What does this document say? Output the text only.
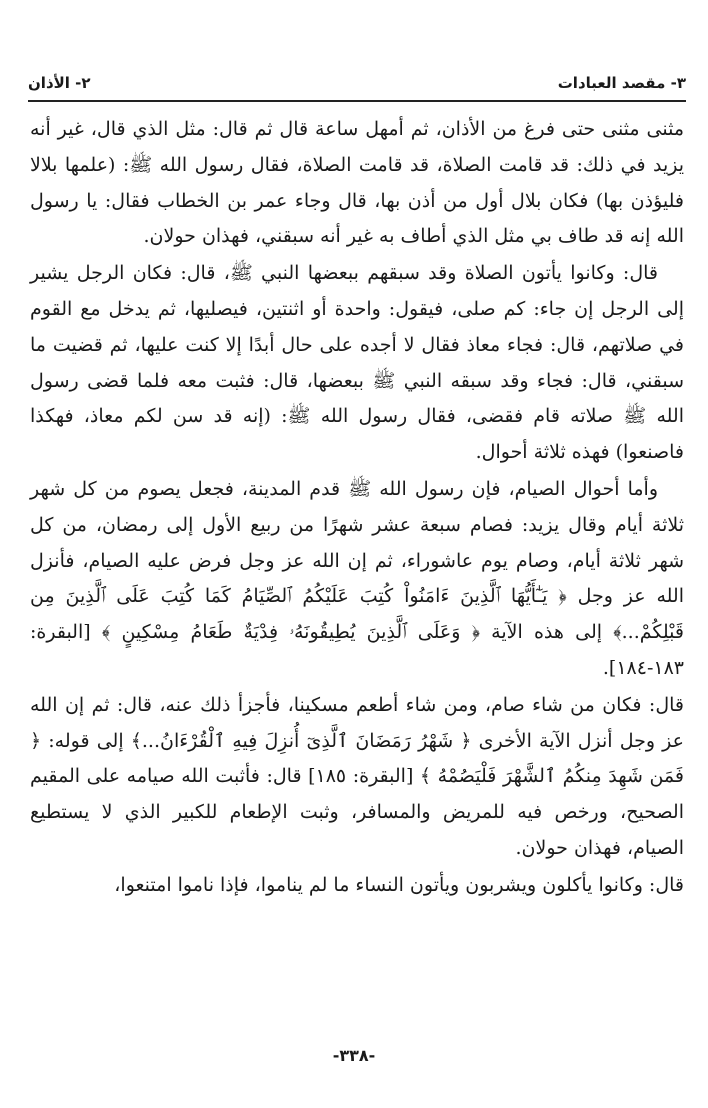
٣- مقصد العبادات
٢- الأذان

مثنى مثنى حتى فرغ من الأذان، ثم أمهل ساعة قال ثم قال: مثل الذي قال، غير أنه يزيد في ذلك: قد قامت الصلاة، قد قامت الصلاة، فقال رسول الله ﷺ: (علمها بلالا فليؤذن بها) فكان بلال أول من أذن بها، قال وجاء عمر بن الخطاب فقال: يا رسول الله إنه قد طاف بي مثل الذي أطاف به غير أنه سبقني، فهذان حولان.

قال: وكانوا يأتون الصلاة وقد سبقهم ببعضها النبي ﷺ، قال: فكان الرجل يشير إلى الرجل إن جاء: كم صلى، فيقول: واحدة أو اثنتين، فيصليها، ثم يدخل مع القوم في صلاتهم، قال: فجاء معاذ فقال لا أجده على حال أبدًا إلا كنت عليها، ثم قضيت ما سبقني، قال: فجاء وقد سبقه النبي ﷺ ببعضها، قال: فثبت معه فلما قضى رسول الله ﷺ صلاته قام فقضى، فقال رسول الله ﷺ: (إنه قد سن لكم معاذ، فهكذا فاصنعوا) فهذه ثلاثة أحوال.

وأما أحوال الصيام، فإن رسول الله ﷺ قدم المدينة، فجعل يصوم من كل شهر ثلاثة أيام وقال يزيد: فصام سبعة عشر شهرًا من ربيع الأول إلى رمضان، من كل شهر ثلاثة أيام، وصام يوم عاشوراء، ثم إن الله عز وجل فرض عليه الصيام، فأنزل الله عز وجل ﴿ يَـٰٓأَيُّهَا ٱلَّذِينَ ءَامَنُواْ كُتِبَ عَلَيْكُمُ ٱلصِّيَامُ كَمَا كُتِبَ عَلَى ٱلَّذِينَ مِن قَبْلِكُمْ...﴾ إلى هذه الآية ﴿ وَعَلَى ٱلَّذِينَ يُطِيقُونَهُۥ فِدْيَةٌ طَعَامُ مِسْكِينٍ ﴾ [البقرة: ١٨٣-١٨٤].

قال: فكان من شاء صام، ومن شاء أطعم مسكينا، فأجزأ ذلك عنه، قال: ثم إن الله عز وجل أنزل الآية الأخرى ﴿ شَهْرُ رَمَضَانَ ٱلَّذِىٓ أُنزِلَ فِيهِ ٱلْقُرْءَانُ...﴾ إلى قوله: ﴿ فَمَن شَهِدَ مِنكُمُ ٱلشَّهْرَ فَلْيَصُمْهُ ﴾ [البقرة: ١٨٥] قال: فأثبت الله صيامه على المقيم الصحيح، ورخص فيه للمريض والمسافر، وثبت الإطعام للكبير الذي لا يستطيع الصيام، فهذان حولان.

قال: وكانوا يأكلون ويشربون ويأتون النساء ما لم يناموا، فإذا ناموا امتنعوا،

-٣٣٨-
